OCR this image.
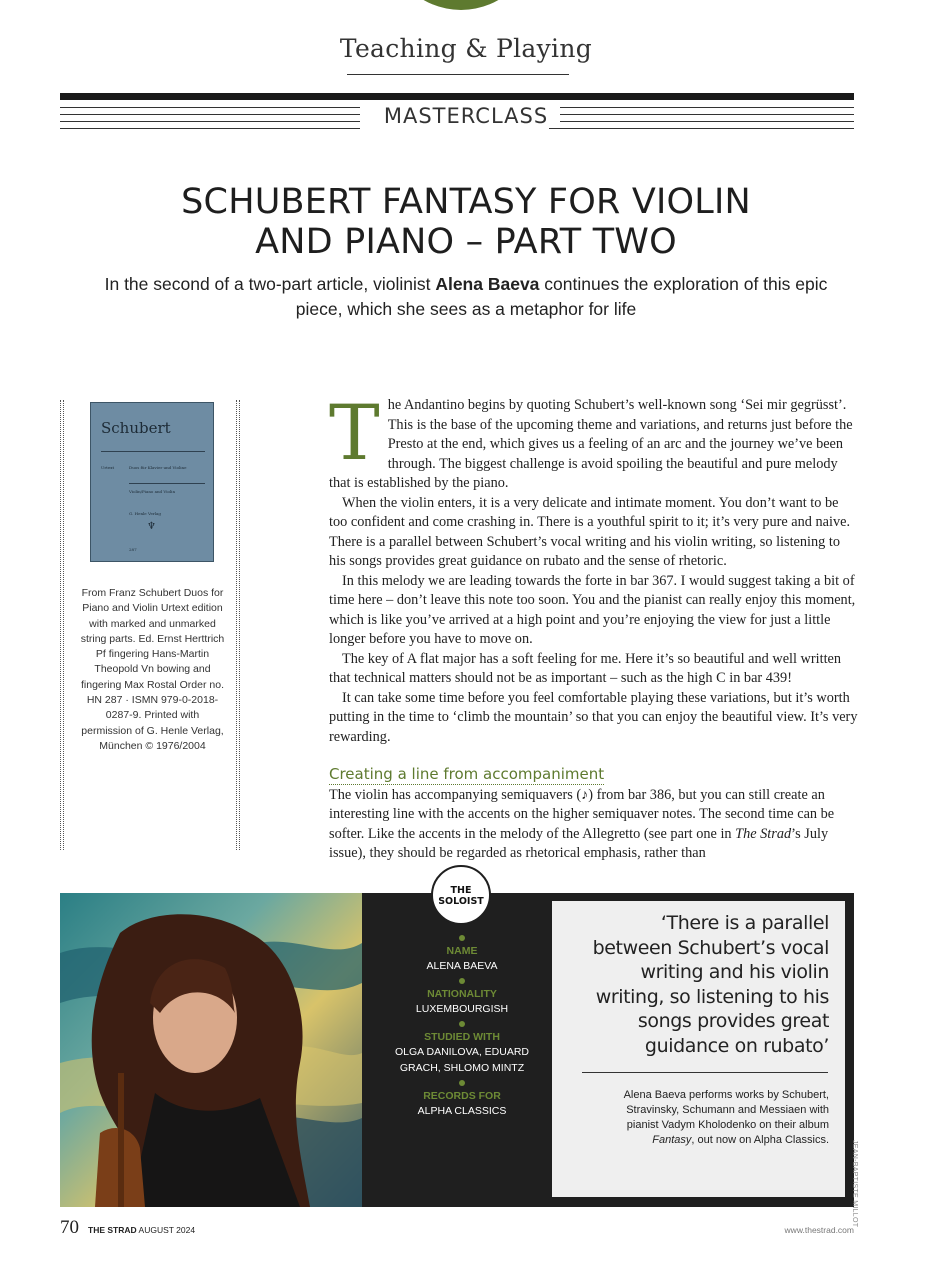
Teaching & Playing
MASTERCLASS
SCHUBERT FANTASY FOR VIOLIN
AND PIANO – PART TWO
In the second of a two-part article, violinist Alena Baeva continues the exploration of this epic piece, which she sees as a metaphor for life
Schubert
Urtext	Duos für Klavier und Violine
Violin/Piano and Violin
G. Henle Verlag
♆
287
From Franz Schubert Duos for Piano and Violin Urtext edition with marked and unmarked string parts. Ed. Ernst Herttrich Pf fingering Hans-Martin Theopold Vn bowing and fingering Max Rostal Order no. HN 287 · ISMN 979-0-2018-0287-9. Printed with permission of G. Henle Verlag, München © 1976/2004

The Andantino begins by quoting Schubert’s well-known song ‘Sei mir gegrüsst’. This is the base of the upcoming theme and variations, and returns just before the Presto at the end, which gives us a feeling of an arc and the journey we’ve been through. The biggest challenge is avoid spoiling the beautiful and pure melody that is established by the piano.

When the violin enters, it is a very delicate and intimate moment. You don’t want to be too confident and come crashing in. There is a youthful spirit to it; it’s very pure and naive. There is a parallel between Schubert’s vocal writing and his violin writing, so listening to his songs provides great guidance on rubato and the sense of rhetoric.

In this melody we are leading towards the forte in bar 367. I would suggest taking a bit of time here – don’t leave this note too soon. You and the pianist can really enjoy this moment, which is like you’ve arrived at a high point and you’re enjoying the view for just a little longer before you have to move on.

The key of A flat major has a soft feeling for me. Here it’s so beautiful and well written that technical matters should not be as important – such as the high C in bar 439!

It can take some time before you feel comfortable playing these variations, but it’s worth putting in the time to ‘climb the mountain’ so that you can enjoy the beautiful view. It’s very rewarding.

Creating a line from accompaniment

The violin has accompanying semiquavers (♪) from bar 386, but you can still create an interesting line with the accents on the higher semiquaver notes. The second time can be softer. Like the accents in the melody of the Allegretto (see part one in The Strad’s July issue), they should be regarded as rhetorical emphasis, rather than

THE
SOLOIST
NAME
ALENA BAEVA
NATIONALITY
LUXEMBOURGISH
STUDIED WITH
OLGA DANILOVA, EDUARD GRACH, SHLOMO MINTZ
RECORDS FOR
ALPHA CLASSICS
‘There is a parallel between Schubert’s vocal writing and his violin writing, so listening to his songs provides great guidance on rubato’
Alena Baeva performs works by Schubert, Stravinsky, Schumann and Messiaen with pianist Vadym Kholodenko on their album Fantasy, out now on Alpha Classics.	JEAN-BAPTISTE MILLOT
70 THE STRAD AUGUST 2024	www.thestrad.com
